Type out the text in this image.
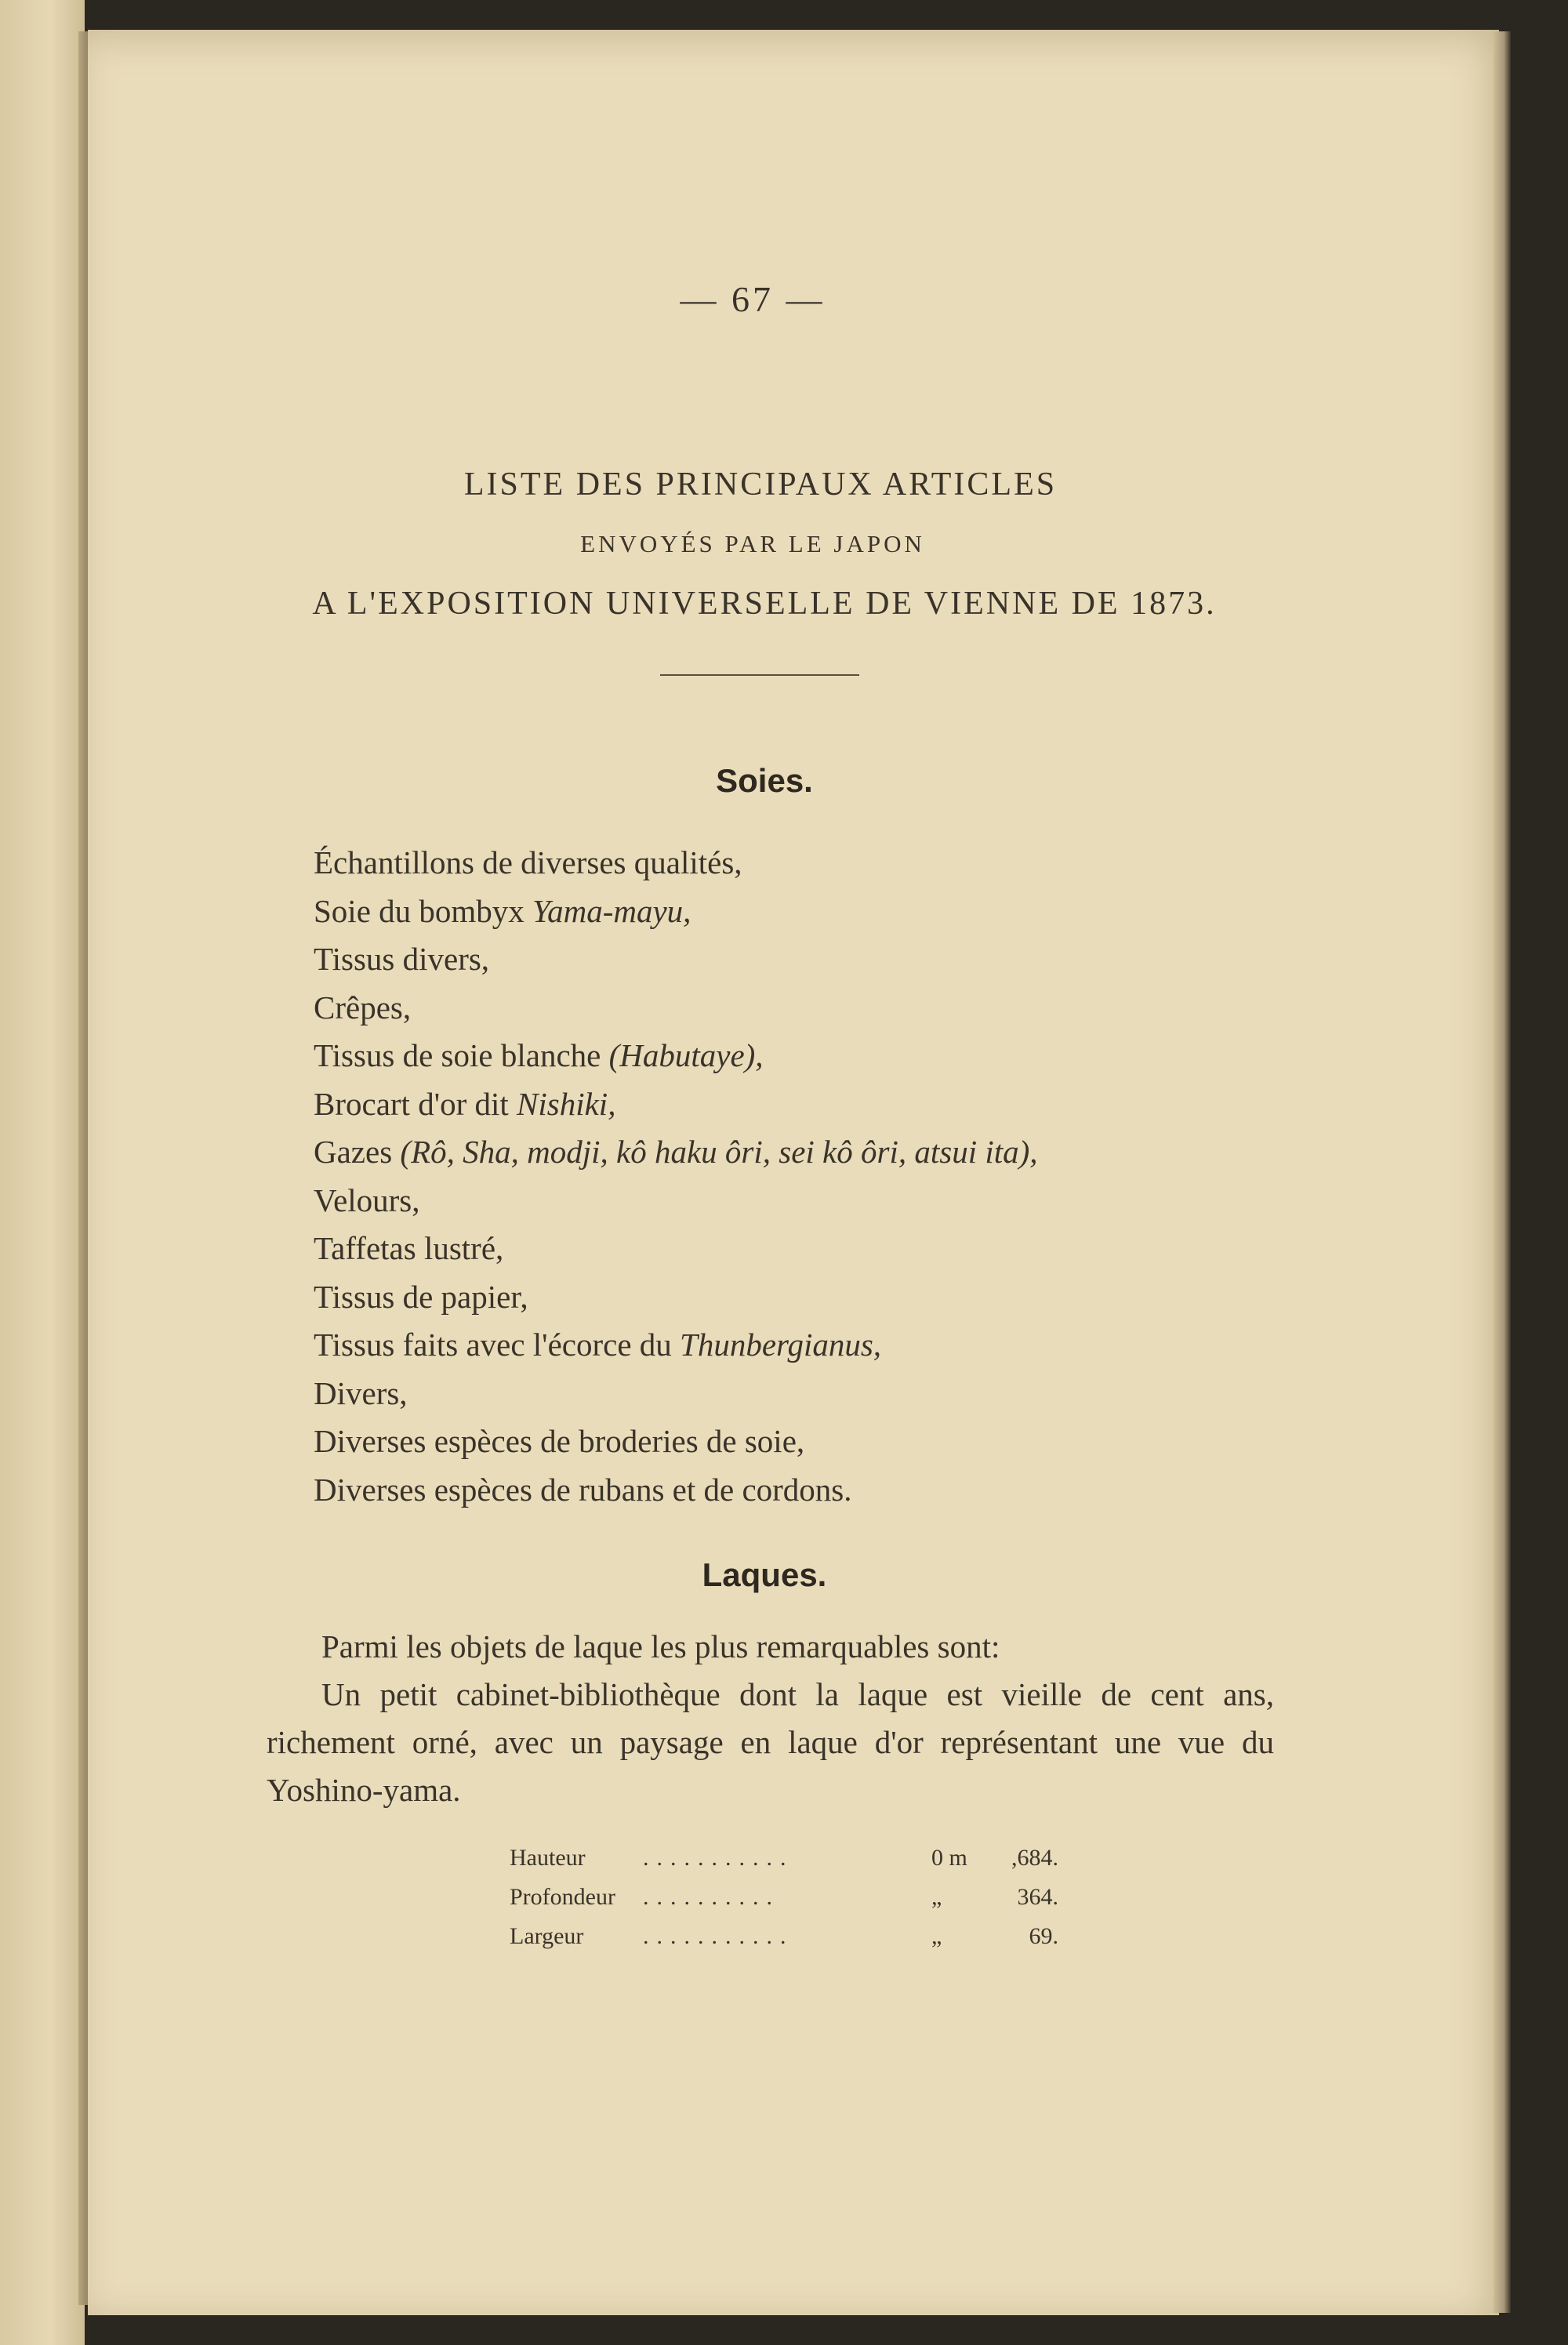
— 67 —
LISTE DES PRINCIPAUX ARTICLES
ENVOYÉS PAR LE JAPON
A L'EXPOSITION UNIVERSELLE DE VIENNE DE 1873.
Soies.
Échantillons de diverses qualités,
Soie du bombyx Yama-mayu,
Tissus divers,
Crêpes,
Tissus de soie blanche (Habutaye),
Brocart d'or dit Nishiki,
Gazes (Rô, Sha, modji, kô haku ôri, sei kô ôri, atsui ita),
Velours,
Taffetas lustré,
Tissus de papier,
Tissus faits avec l'écorce du Thunbergianus,
Divers,
Diverses espèces de broderies de soie,
Diverses espèces de rubans et de cordons.
Laques.
Parmi les objets de laque les plus remarquables sont:
Un petit cabinet-bibliothèque dont la laque est vieille de cent ans, richement orné, avec un paysage en laque d'or représentant une vue du Yoshino-yama.
Hauteur ...........	0 m	,684.
Profondeur ..........	„	364.
Largeur	...........	„	69.
